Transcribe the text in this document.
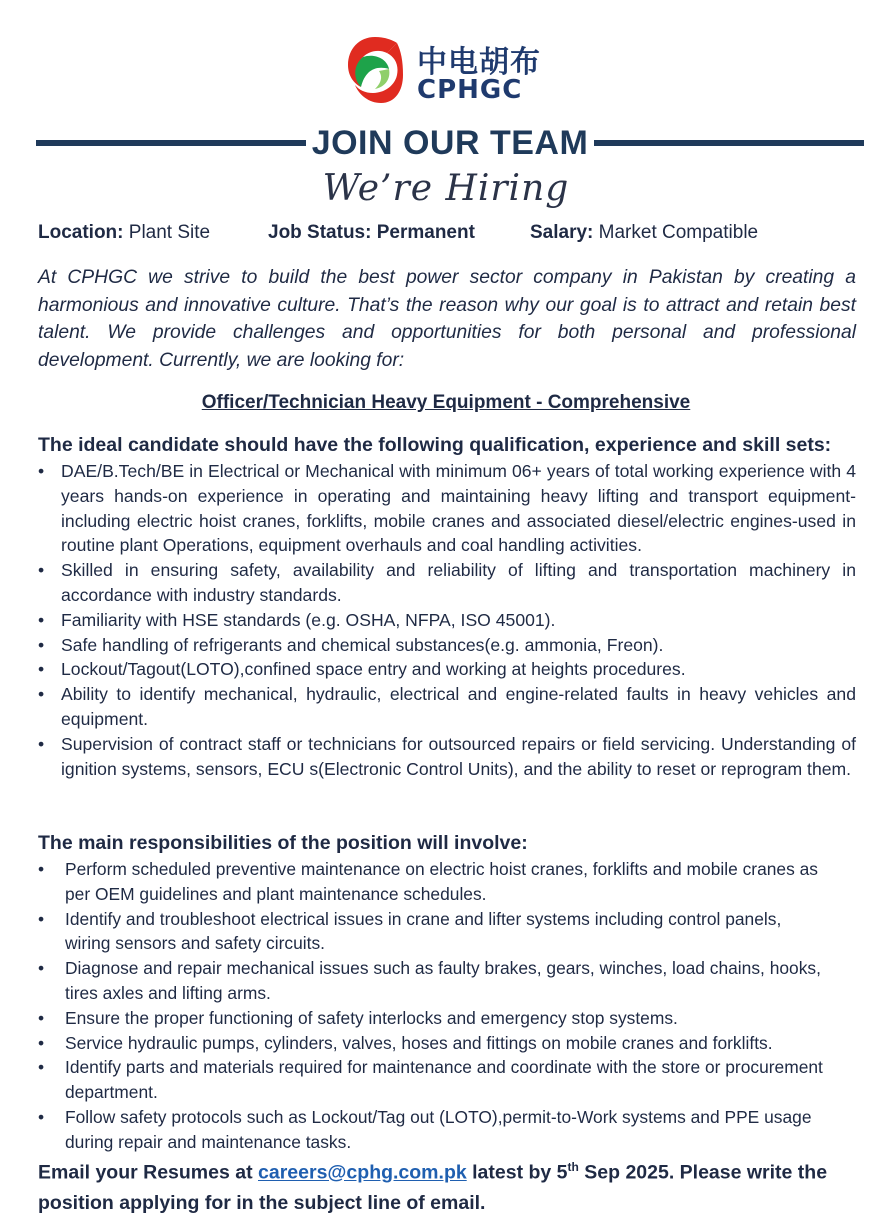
中电胡布
CPHGC
JOIN OUR TEAM
We’re Hiring
Location: Plant Site	Job Status: Permanent	Salary: Market Compatible

At CPHGC we strive to build the best power sector company in Pakistan by creating a harmonious and innovative culture. That’s the reason why our goal is to attract and retain best talent. We provide challenges and opportunities for both personal and professional development. Currently, we are looking for:

Officer/Technician Heavy Equipment - Comprehensive
The ideal candidate should have the following qualification, experience and skill sets:
• DAE/B.Tech/BE in Electrical or Mechanical with minimum 06+ years of total working experience with 4 years hands-on experience in operating and maintaining heavy lifting and transport equipment-including electric hoist cranes, forklifts, mobile cranes and associated diesel/electric engines-used in routine plant Operations, equipment overhauls and coal handling activities.
• Skilled in ensuring safety, availability and reliability of lifting and transportation machinery in accordance with industry standards.
• Familiarity with HSE standards (e.g. OSHA, NFPA, ISO 45001).
• Safe handling of refrigerants and chemical substances(e.g. ammonia, Freon).
• Lockout/Tagout(LOTO),confined space entry and working at heights procedures.
• Ability to identify mechanical, hydraulic, electrical and engine-related faults in heavy vehicles and equipment.
• Supervision of contract staff or technicians for outsourced repairs or field servicing. Understanding of ignition systems, sensors, ECU s(Electronic Control Units), and the ability to reset or reprogram them.
The main responsibilities of the position will involve:
• Perform scheduled preventive maintenance on electric hoist cranes, forklifts and mobile cranes as per OEM guidelines and plant maintenance schedules.
• Identify and troubleshoot electrical issues in crane and lifter systems including control panels, wiring sensors and safety circuits.
• Diagnose and repair mechanical issues such as faulty brakes, gears, winches, load chains, hooks, tires axles and lifting arms.
• Ensure the proper functioning of safety interlocks and emergency stop systems.
• Service hydraulic pumps, cylinders, valves, hoses and fittings on mobile cranes and forklifts.
• Identify parts and materials required for maintenance and coordinate with the store or procurement department.
• Follow safety protocols such as Lockout/Tag out (LOTO),permit-to-Work systems and PPE usage during repair and maintenance tasks.
Email your Resumes at careers@cphg.com.pk latest by 5th Sep 2025. Please write the position applying for in the subject line of email.
